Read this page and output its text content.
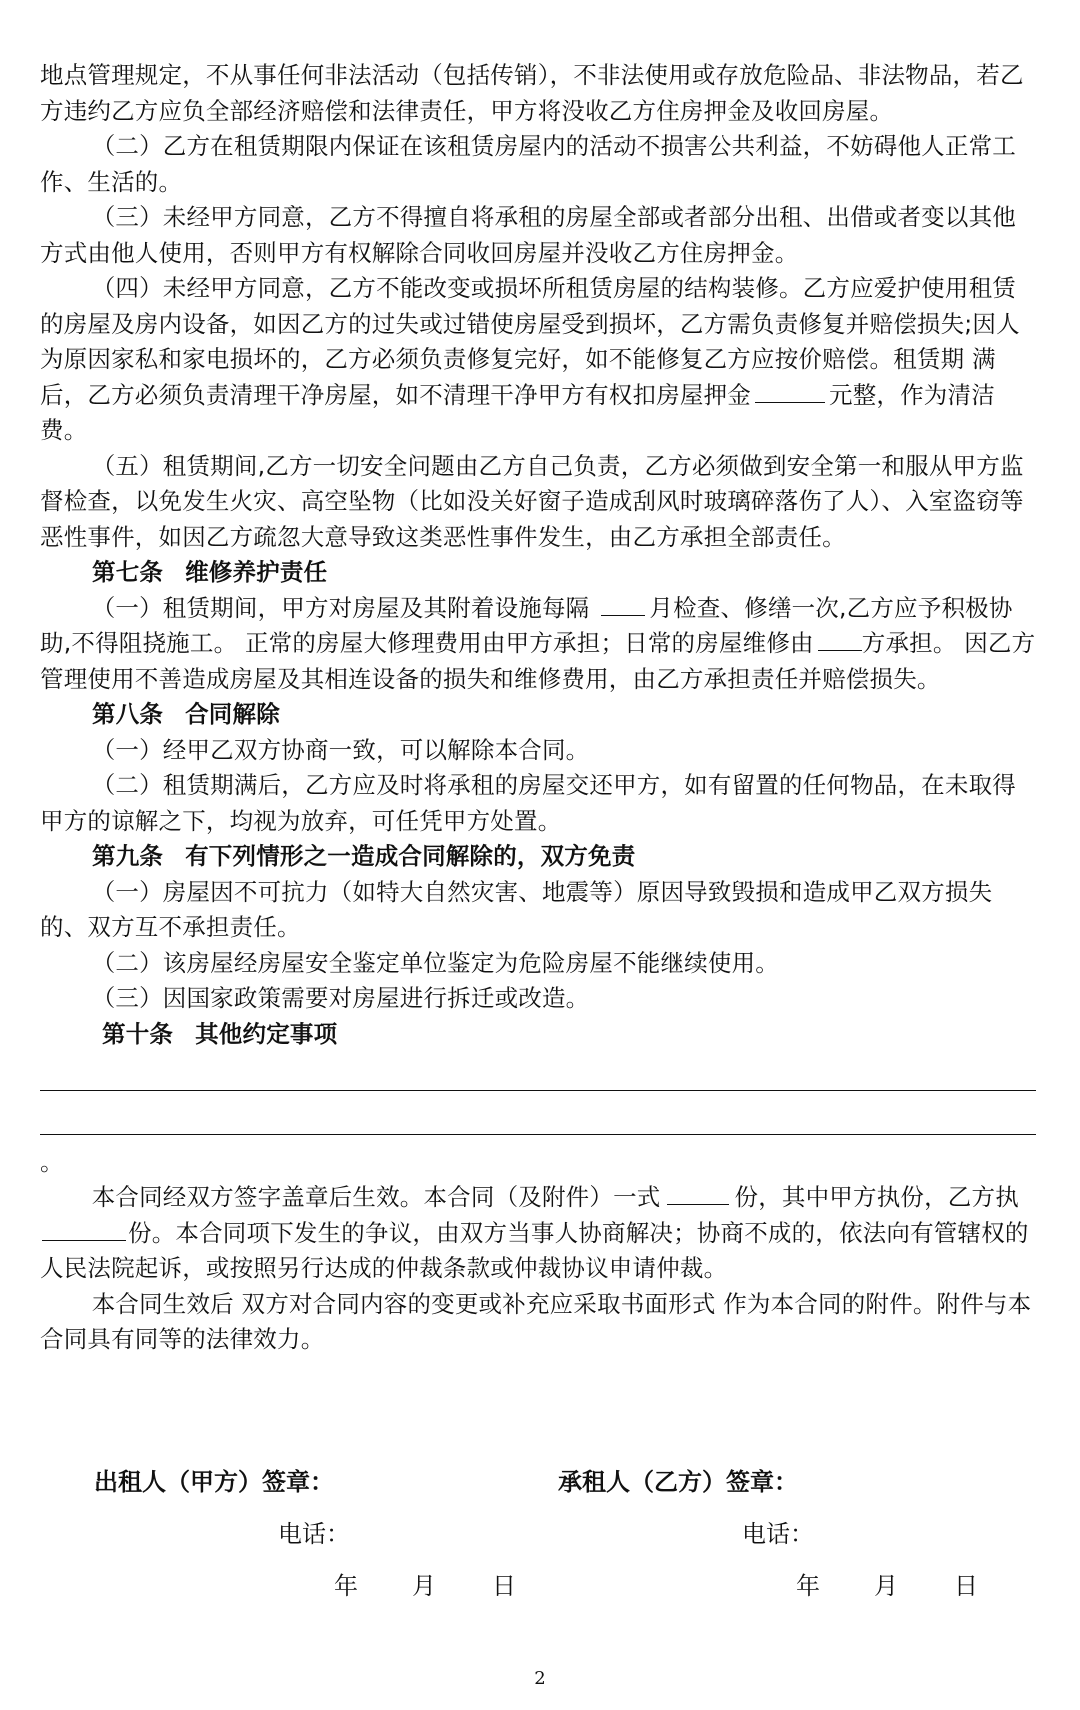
地点管理规定，不从事任何非法活动（包括传销），不非法使用或存放危险品、非法物品，若乙方违约乙方应负全部经济赔偿和法律责任，甲方将没收乙方住房押金及收回房屋。

（二）乙方在租赁期限内保证在该租赁房屋内的活动不损害公共利益，不妨碍他人正常工作、生活的。

（三）未经甲方同意，乙方不得擅自将承租的房屋全部或者部分出租、出借或者变以其他方式由他人使用，否则甲方有权解除合同收回房屋并没收乙方住房押金。

（四）未经甲方同意，乙方不能改变或损坏所租赁房屋的结构装修。乙方应爱护使用租赁的房屋及房内设备，如因乙方的过失或过错使房屋受到损坏，乙方需负责修复并赔偿损失;因人为原因家私和家电损坏的，乙方必须负责修复完好，如不能修复乙方应按价赔偿。租赁期 满后，乙方必须负责清理干净房屋，如不清理干净甲方有权扣房屋押金	元整，作为清洁费。

（五）租赁期间,乙方一切安全问题由乙方自己负责，乙方必须做到安全第一和服从甲方监督检查，以免发生火灾、高空坠物（比如没关好窗子造成刮风时玻璃碎落伤了人）、入室盗窃等恶性事件，如因乙方疏忽大意导致这类恶性事件发生，由乙方承担全部责任。

第七条 维修养护责任

（一）租赁期间，甲方对房屋及其附着设施每隔	月检查、修缮一次,乙方应予积极协助,不得阻挠施工。 正常的房屋大修理费用由甲方承担；日常的房屋维修由 方承担。 因乙方管理使用不善造成房屋及其相连设备的损失和维修费用，由乙方承担责任并赔偿损失。

第八条 合同解除

（一）经甲乙双方协商一致，可以解除本合同。

（二）租赁期满后，乙方应及时将承租的房屋交还甲方，如有留置的任何物品，在未取得甲方的谅解之下，均视为放弃，可任凭甲方处置。

第九条 有下列情形之一造成合同解除的，双方免责

（一）房屋因不可抗力（如特大自然灾害、地震等）原因导致毁损和造成甲乙双方损失的、双方互不承担责任。

（二）该房屋经房屋安全鉴定单位鉴定为危险房屋不能继续使用。

（三）因国家政策需要对房屋进行拆迁或改造。

第十条 其他约定事项

。

本合同经双方签字盖章后生效。本合同（及附件）一式	份，其中甲方执份，乙方执份。本合同项下发生的争议，由双方当事人协商解决；协商不成的，依法向有管辖权的人民法院起诉，或按照另行达成的仲裁条款或仲裁协议申请仲裁。

本合同生效后 双方对合同内容的变更或补充应采取书面形式 作为本合同的附件。附件与本合同具有同等的法律效力。

出租人（甲方）签章：	承租人（乙方）签章：
电话：	电话：
年 月 日	年 月 日
2
